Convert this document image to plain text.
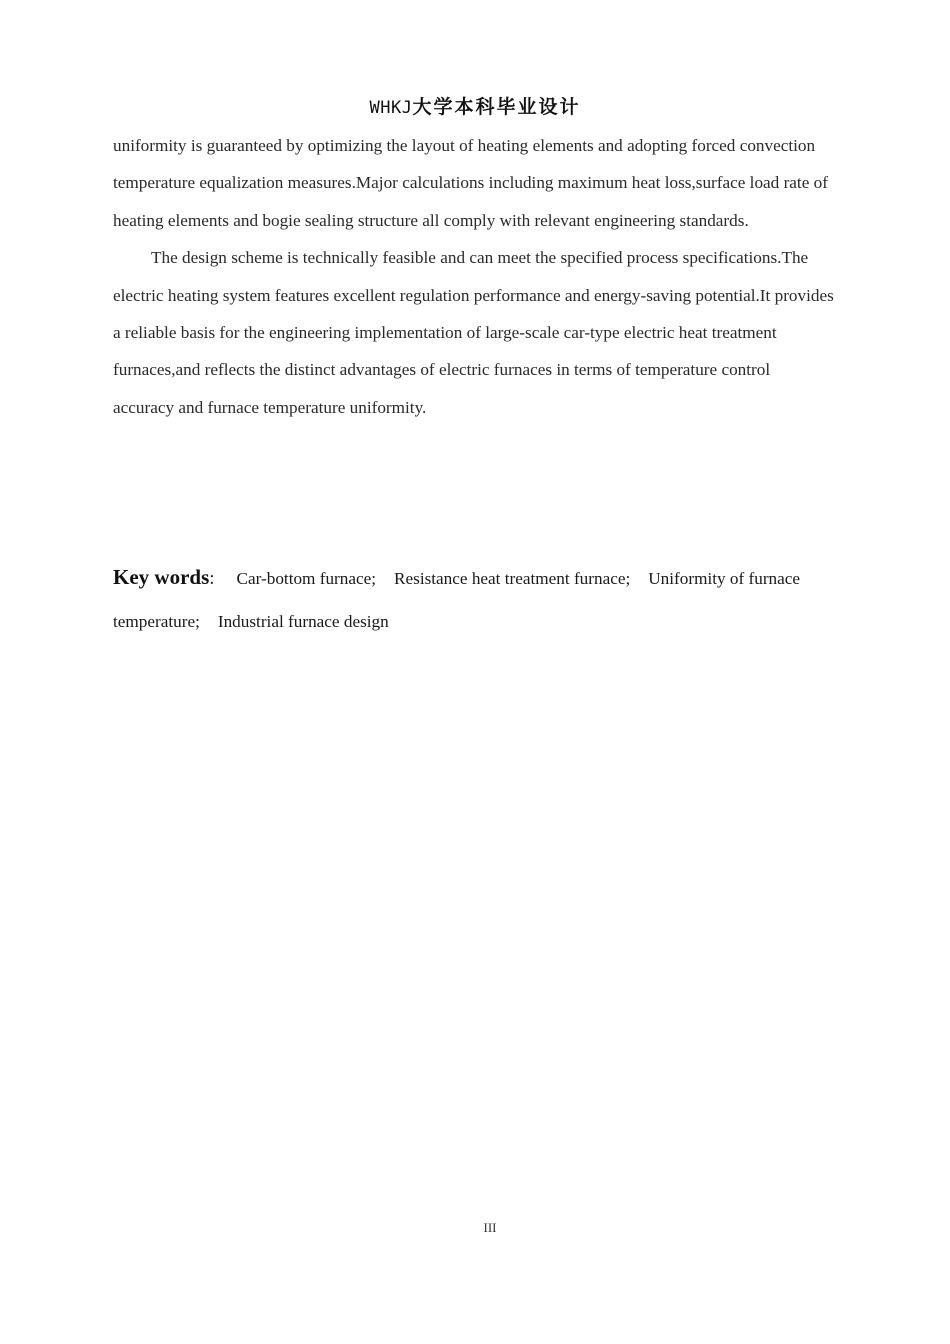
WHKJ大学本科毕业设计

uniformity is guaranteed by optimizing the layout of heating elements and adopting forced convection temperature equalization measures.Major calculations including maximum heat loss,surface load rate of heating elements and bogie sealing structure all comply with relevant engineering standards.

The design scheme is technically feasible and can meet the specified process specifications.The electric heating system features excellent regulation performance and energy-saving potential.It provides a reliable basis for the engineering implementation of large-scale car-type electric heat treatment furnaces,and reflects the distinct advantages of electric furnaces in terms of temperature control accuracy and furnace temperature uniformity.

Key words: Car-bottom furnace; Resistance heat treatment furnace; Uniformity of furnace temperature; Industrial furnace design
III
